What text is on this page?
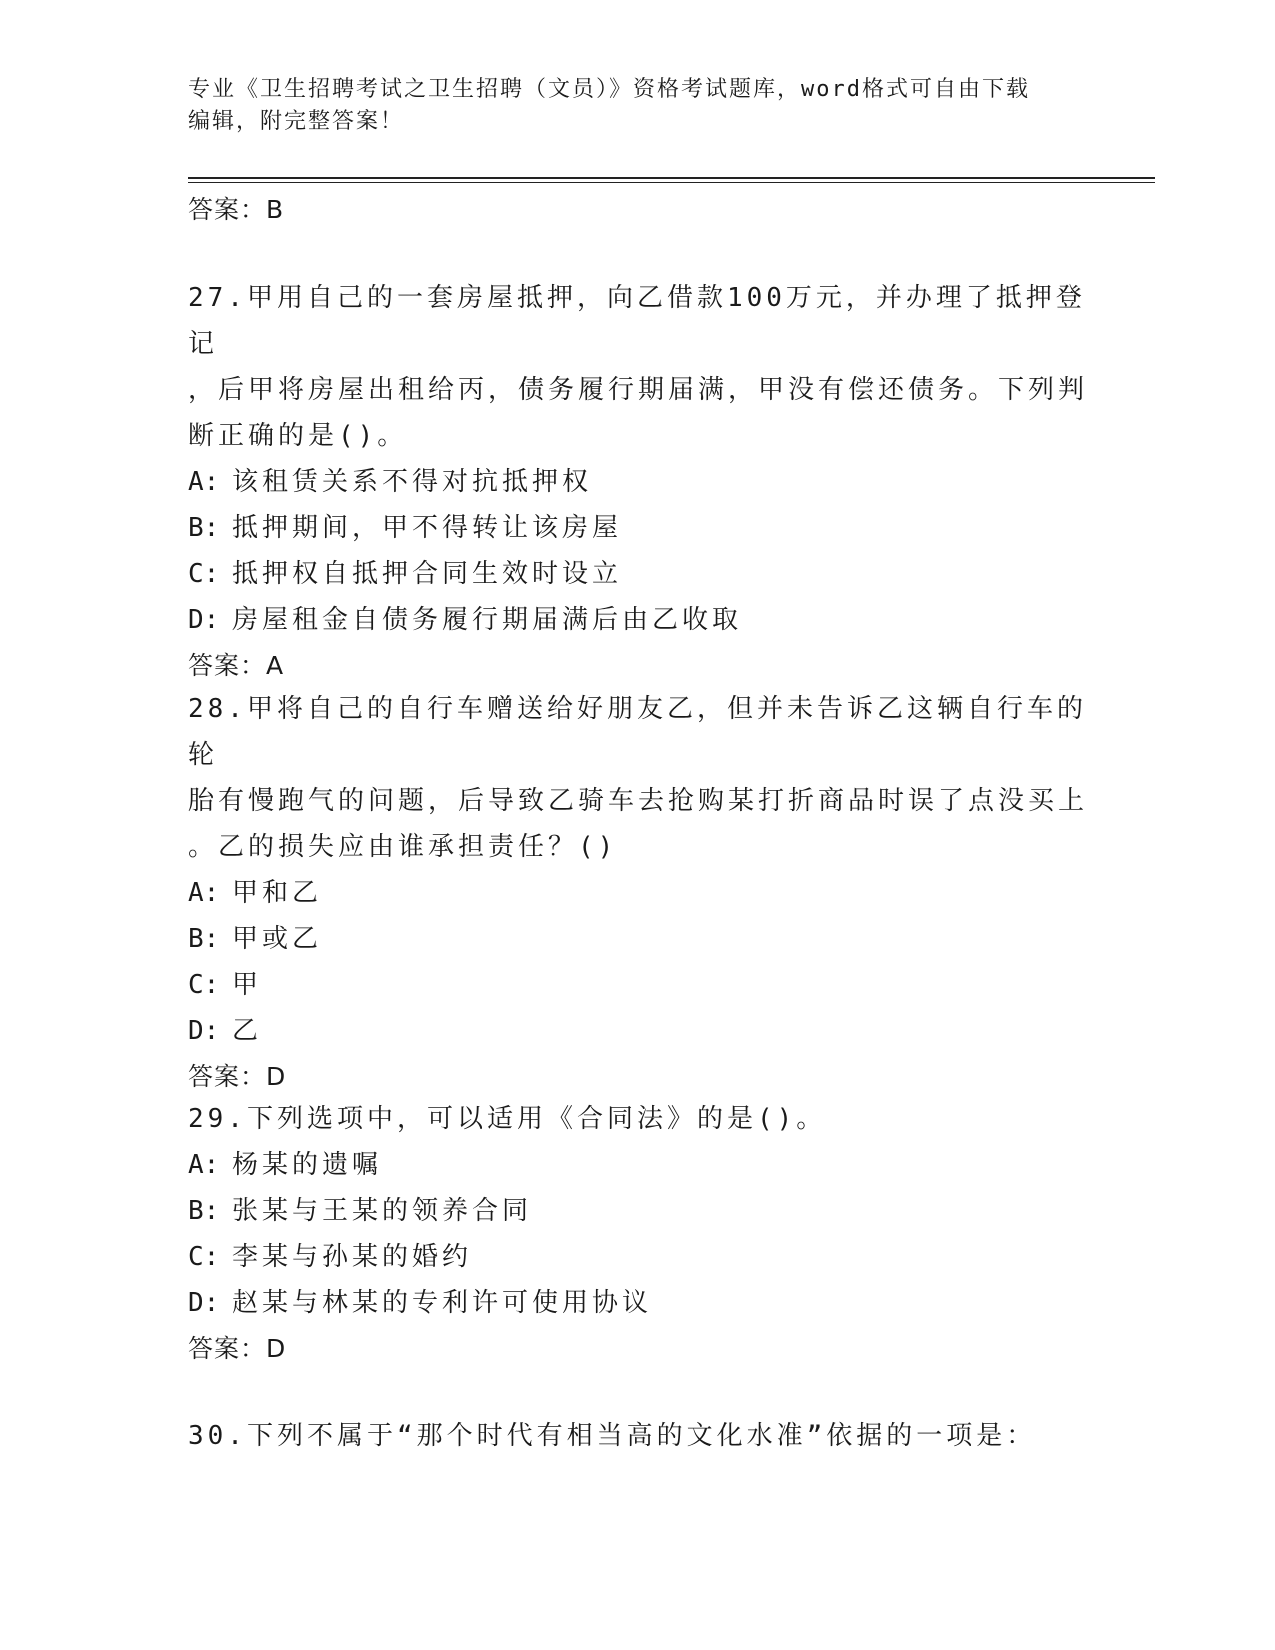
专业《卫生招聘考试之卫生招聘（文员）》资格考试题库，word格式可自由下载
编辑，附完整答案！
答案：B
27.甲用自己的一套房屋抵押，向乙借款100万元，并办理了抵押登记
，后甲将房屋出租给丙，债务履行期届满，甲没有偿还债务。下列判
断正确的是()。
A: 该租赁关系不得对抗抵押权
B: 抵押期间，甲不得转让该房屋
C: 抵押权自抵押合同生效时设立
D: 房屋租金自债务履行期届满后由乙收取
答案：A
28.甲将自己的自行车赠送给好朋友乙，但并未告诉乙这辆自行车的轮
胎有慢跑气的问题，后导致乙骑车去抢购某打折商品时误了点没买上
。乙的损失应由谁承担责任？()
A: 甲和乙
B: 甲或乙
C: 甲
D: 乙
答案：D
29.下列选项中，可以适用《合同法》的是()。
A: 杨某的遗嘱
B: 张某与王某的领养合同
C: 李某与孙某的婚约
D: 赵某与林某的专利许可使用协议
答案：D
30.下列不属于“那个时代有相当高的文化水准”依据的一项是：
